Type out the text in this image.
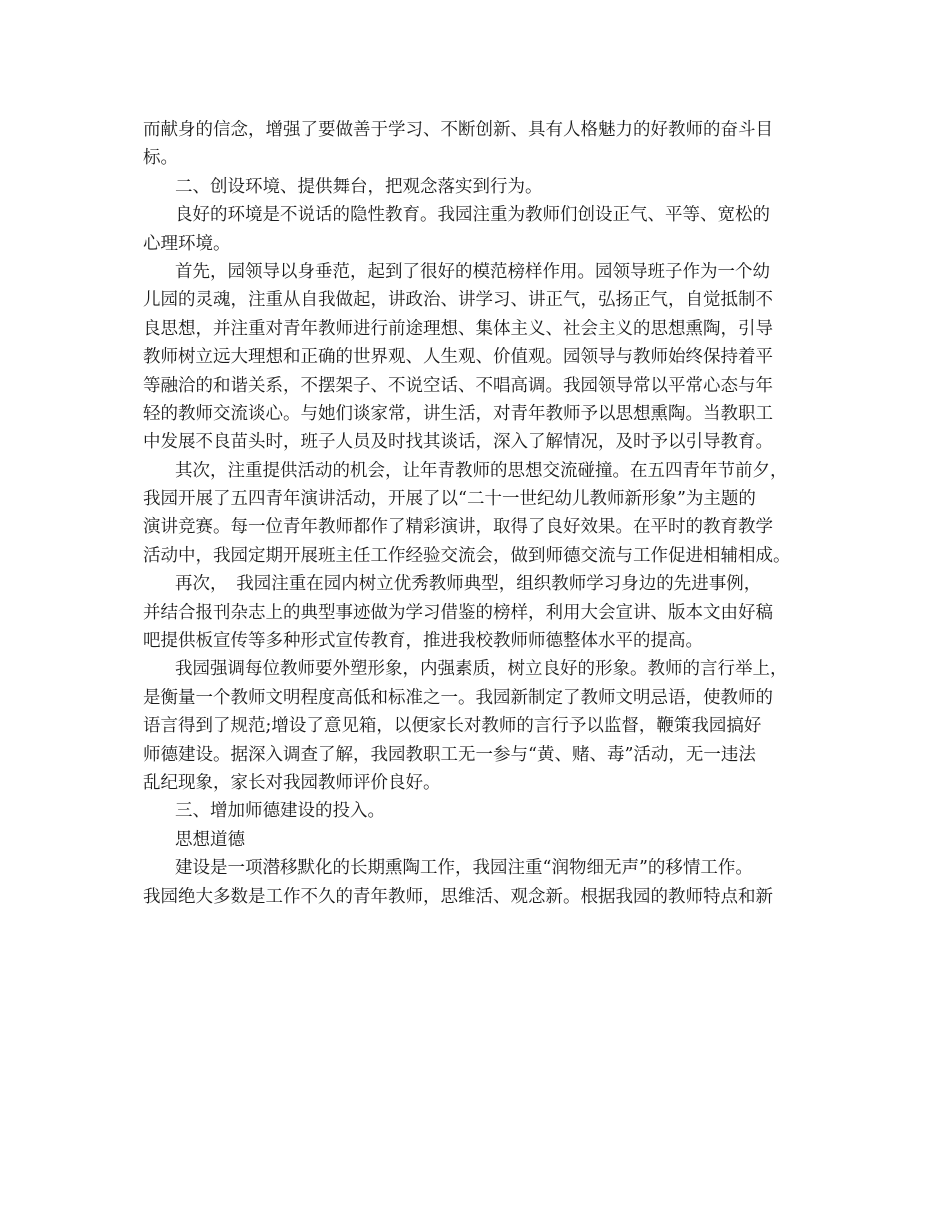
而献身的信念，增强了要做善于学习、不断创新、具有人格魅力的好教师的奋斗目
标。
二、创设环境、提供舞台，把观念落实到行为。
良好的环境是不说话的隐性教育。我园注重为教师们创设正气、平等、宽松的
心理环境。
首先，园领导以身垂范，起到了很好的模范榜样作用。园领导班子作为一个幼
儿园的灵魂，注重从自我做起，讲政治、讲学习、讲正气，弘扬正气，自觉抵制不
良思想，并注重对青年教师进行前途理想、集体主义、社会主义的思想熏陶，引导
教师树立远大理想和正确的世界观、人生观、价值观。园领导与教师始终保持着平
等融洽的和谐关系，不摆架子、不说空话、不唱高调。我园领导常以平常心态与年
轻的教师交流谈心。与她们谈家常，讲生活，对青年教师予以思想熏陶。当教职工
中发展不良苗头时，班子人员及时找其谈话，深入了解情况，及时予以引导教育。
其次，注重提供活动的机会，让年青教师的思想交流碰撞。在五四青年节前夕，
我园开展了五四青年演讲活动，开展了以“二十一世纪幼儿教师新形象”为主题的
演讲竞赛。每一位青年教师都作了精彩演讲，取得了良好效果。在平时的教育教学
活动中，我园定期开展班主任工作经验交流会，做到师德交流与工作促进相辅相成。
再次，　我园注重在园内树立优秀教师典型，组织教师学习身边的先进事例，
并结合报刊杂志上的典型事迹做为学习借鉴的榜样，利用大会宣讲、版本文由好稿
吧提供板宣传等多种形式宣传教育，推进我校教师师德整体水平的提高。
我园强调每位教师要外塑形象，内强素质，树立良好的形象。教师的言行举上，
是衡量一个教师文明程度高低和标准之一。我园新制定了教师文明忌语，使教师的
语言得到了规范;增设了意见箱，以便家长对教师的言行予以监督，鞭策我园搞好
师德建设。据深入调查了解，我园教职工无一参与“黄、赌、毒”活动，无一违法
乱纪现象，家长对我园教师评价良好。
三、增加师德建设的投入。
思想道德
建设是一项潜移默化的长期熏陶工作，我园注重“润物细无声”的移情工作。
我园绝大多数是工作不久的青年教师，思维活、观念新。根据我园的教师特点和新
